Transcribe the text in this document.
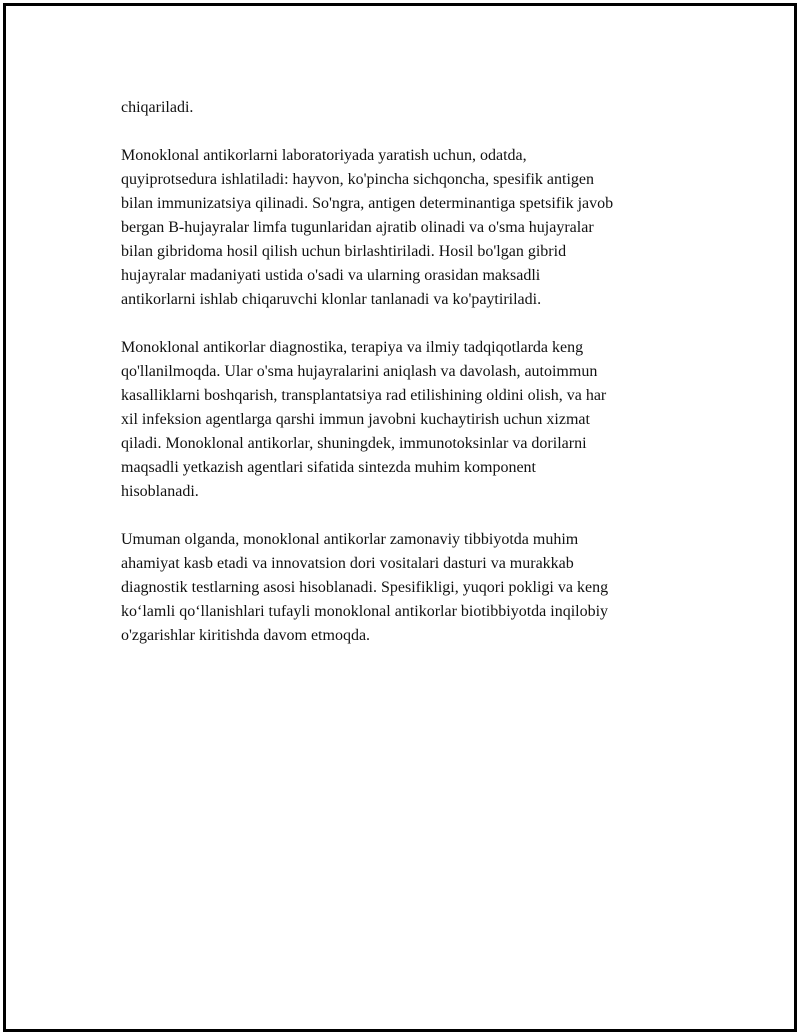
chiqariladi.

Monoklonal antikorlarni laboratoriyada yaratish uchun, odatda,
quyiprotsedura ishlatiladi: hayvon, ko'pincha sichqoncha, spesifik antigen
bilan immunizatsiya qilinadi. So'ngra, antigen determinantiga spetsifik javob
bergan B-hujayralar limfa tugunlaridan ajratib olinadi va o'sma hujayralar
bilan gibridoma hosil qilish uchun birlashtiriladi. Hosil bo'lgan gibrid
hujayralar madaniyati ustida o'sadi va ularning orasidan maksadli
antikorlarni ishlab chiqaruvchi klonlar tanlanadi va ko'paytiriladi.

Monoklonal antikorlar diagnostika, terapiya va ilmiy tadqiqotlarda keng
qo'llanilmoqda. Ular o'sma hujayralarini aniqlash va davolash, autoimmun
kasalliklarni boshqarish, transplantatsiya rad etilishining oldini olish, va har
xil infeksion agentlarga qarshi immun javobni kuchaytirish uchun xizmat
qiladi. Monoklonal antikorlar, shuningdek, immunotoksinlar va dorilarni
maqsadli yetkazish agentlari sifatida sintezda muhim komponent
hisoblanadi.

Umuman olganda, monoklonal antikorlar zamonaviy tibbiyotda muhim
ahamiyat kasb etadi va innovatsion dori vositalari dasturi va murakkab
diagnostik testlarning asosi hisoblanadi. Spesifikligi, yuqori pokligi va keng
ko‘lamli qo‘llanishlari tufayli monoklonal antikorlar biotibbiyotda inqilobiy
o'zgarishlar kiritishda davom etmoqda.
